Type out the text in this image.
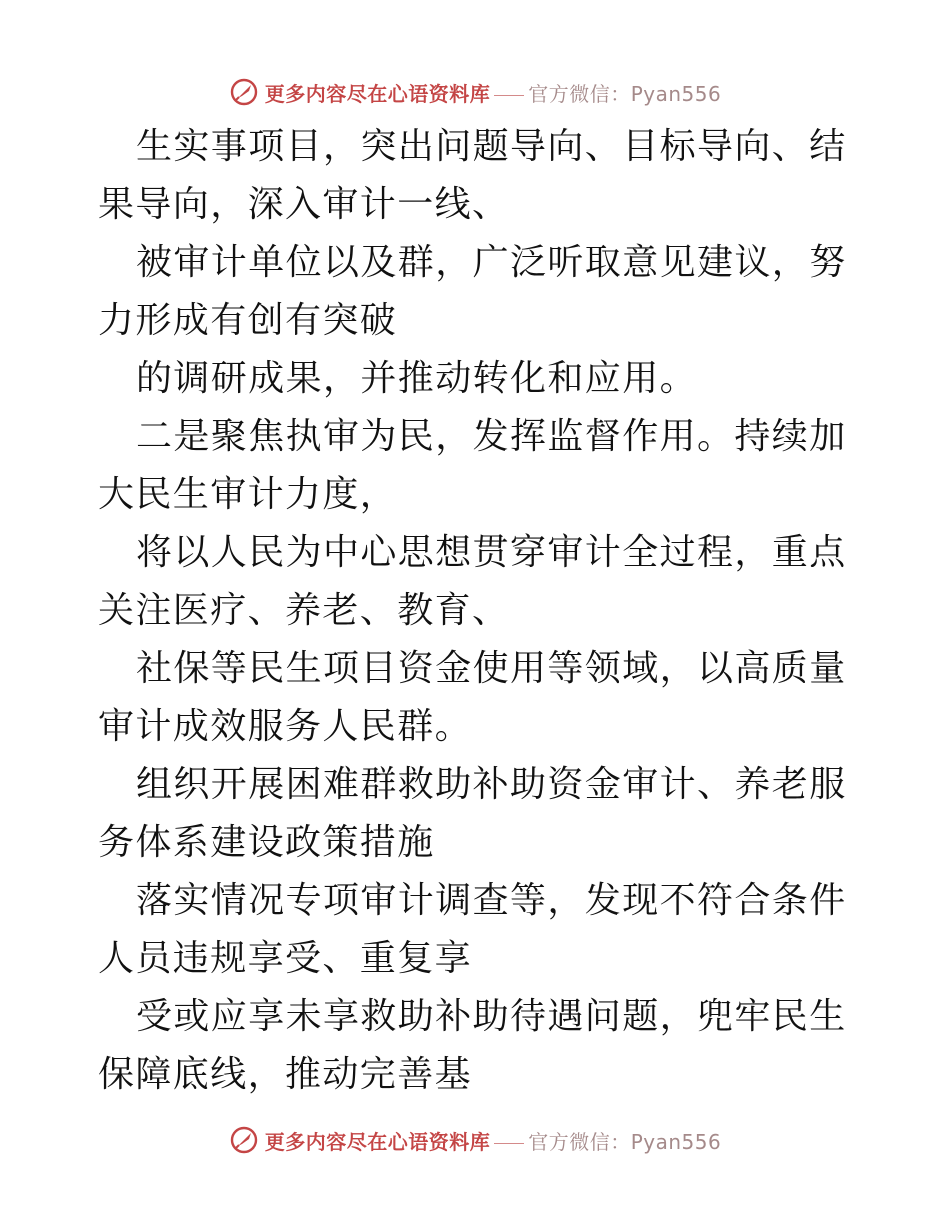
更多内容尽在心语资料库 官方微信：Pyan556

生实事项目，突出问题导向、目标导向、结果导向，深入审计一线、

被审计单位以及群，广泛听取意见建议，努力形成有创有突破

的调研成果，并推动转化和应用。

二是聚焦执审为民，发挥监督作用。持续加大民生审计力度，

将以人民为中心思想贯穿审计全过程，重点关注医疗、养老、教育、

社保等民生项目资金使用等领域，以高质量审计成效服务人民群。

组织开展困难群救助补助资金审计、养老服务体系建设政策措施

落实情况专项审计调查等，发现不符合条件人员违规享受、重复享

受或应享未享救助补助待遇问题，兜牢民生保障底线，推动完善基

更多内容尽在心语资料库 官方微信：Pyan556
